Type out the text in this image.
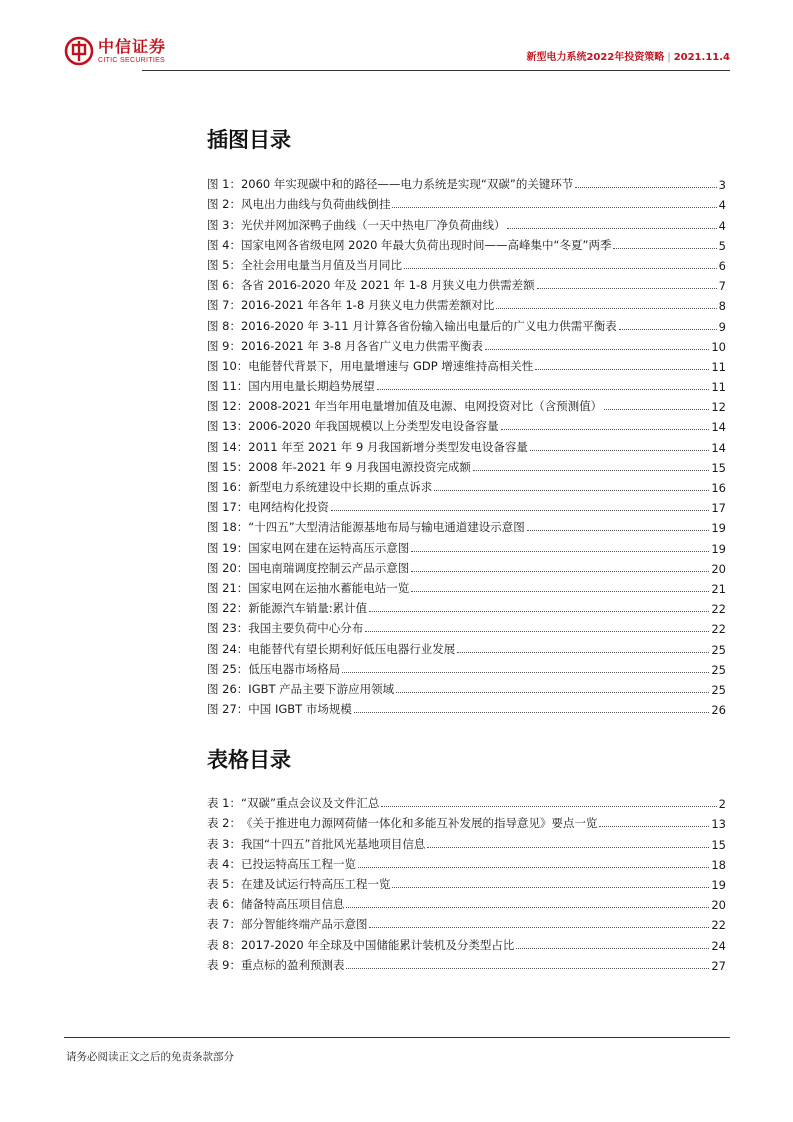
中信证券
CITIC SECURITIES	新型电力系统2022年投资策略 | 2021.11.4
插图目录
图 1： 2060 年实现碳中和的路径——电力系统是实现“双碳”的关键环节	3
图 2： 风电出力曲线与负荷曲线倒挂	4
图 3： 光伏并网加深鸭子曲线（一天中热电厂净负荷曲线）	4
图 4： 国家电网各省级电网 2020 年最大负荷出现时间——高峰集中“冬夏”两季	5
图 5： 全社会用电量当月值及当月同比	6
图 6： 各省 2016-2020 年及 2021 年 1-8 月狭义电力供需差额	7
图 7： 2016-2021 年各年 1-8 月狭义电力供需差额对比	8
图 8： 2016-2020 年 3-11 月计算各省份输入输出电量后的广义电力供需平衡表	9
图 9： 2016-2021 年 3-8 月各省广义电力供需平衡表	10
图 10： 电能替代背景下，用电量增速与 GDP 增速维持高相关性	11
图 11： 国内用电量长期趋势展望	11
图 12： 2008-2021 年当年用电量增加值及电源、电网投资对比（含预测值）	12
图 13： 2006-2020 年我国规模以上分类型发电设备容量	14
图 14： 2011 年至 2021 年 9 月我国新增分类型发电设备容量	14
图 15： 2008 年-2021 年 9 月我国电源投资完成额	15
图 16： 新型电力系统建设中长期的重点诉求	16
图 17： 电网结构化投资	17
图 18： “十四五”大型清洁能源基地布局与输电通道建设示意图	19
图 19： 国家电网在建在运特高压示意图	19
图 20： 国电南瑞调度控制云产品示意图	20
图 21： 国家电网在运抽水蓄能电站一览	21
图 22： 新能源汽车销量:累计值	22
图 23： 我国主要负荷中心分布	22
图 24： 电能替代有望长期利好低压电器行业发展	25
图 25： 低压电器市场格局	25
图 26： IGBT 产品主要下游应用领域	25
图 27： 中国 IGBT 市场规模	26
表格目录
表 1： “双碳”重点会议及文件汇总	2
表 2： 《关于推进电力源网荷储一体化和多能互补发展的指导意见》要点一览	13
表 3： 我国“十四五”首批风光基地项目信息	15
表 4： 已投运特高压工程一览	18
表 5： 在建及试运行特高压工程一览	19
表 6： 储备特高压项目信息	20
表 7： 部分智能终端产品示意图	22
表 8： 2017-2020 年全球及中国储能累计装机及分类型占比	24
表 9： 重点标的盈利预测表	27
请务必阅读正文之后的免责条款部分
